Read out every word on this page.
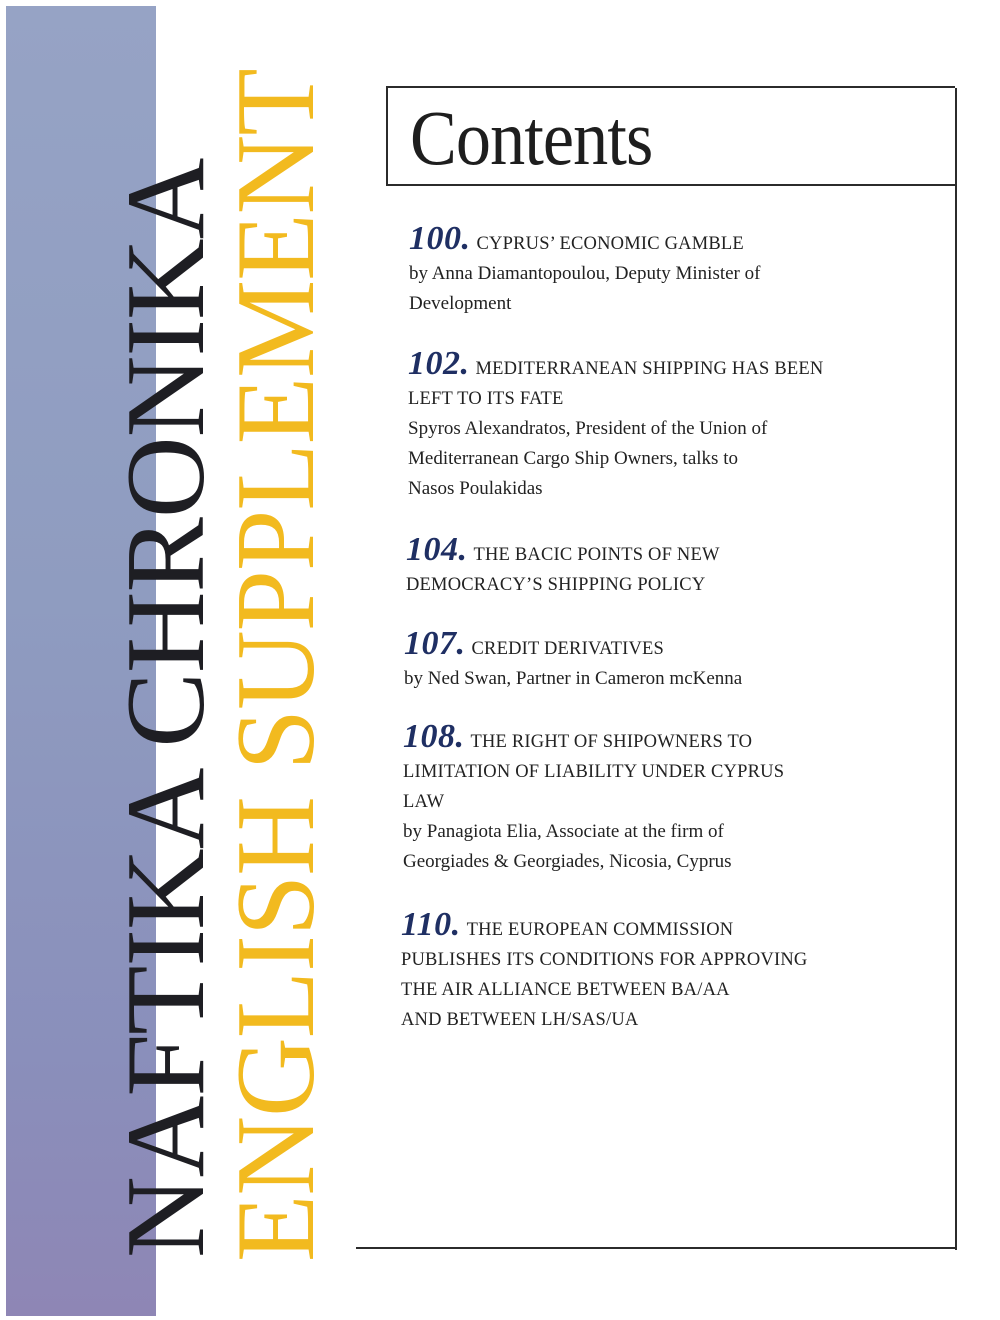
NAFTIKA CHRONIKA
ENGLISH SUPPLEMENT Contents
100. CYPRUS’ ECONOMIC GAMBLE
by Anna Diamantopoulou, Deputy Minister of
Development
102. MEDITERRANEAN SHIPPING HAS BEEN
LEFT TO ITS FATE
Spyros Alexandratos, President of the Union of
Mediterranean Cargo Ship Owners, talks to
Nasos Poulakidas
104. THE BACIC POINTS OF NEW
DEMOCRACY’S SHIPPING POLICY
107. CREDIT DERIVATIVES
by Ned Swan, Partner in Cameron mcKenna
108. THE RIGHT OF SHIPOWNERS TO
LIMITATION OF LIABILITY UNDER CYPRUS
LAW
by Panagiota Elia, Associate at the firm of
Georgiades & Georgiades, Nicosia, Cyprus
110. THE EUROPEAN COMMISSION
PUBLISHES ITS CONDITIONS FOR APPROVING
THE AIR ALLIANCE BETWEEN BA/AA
AND BETWEEN LH/SAS/UA
